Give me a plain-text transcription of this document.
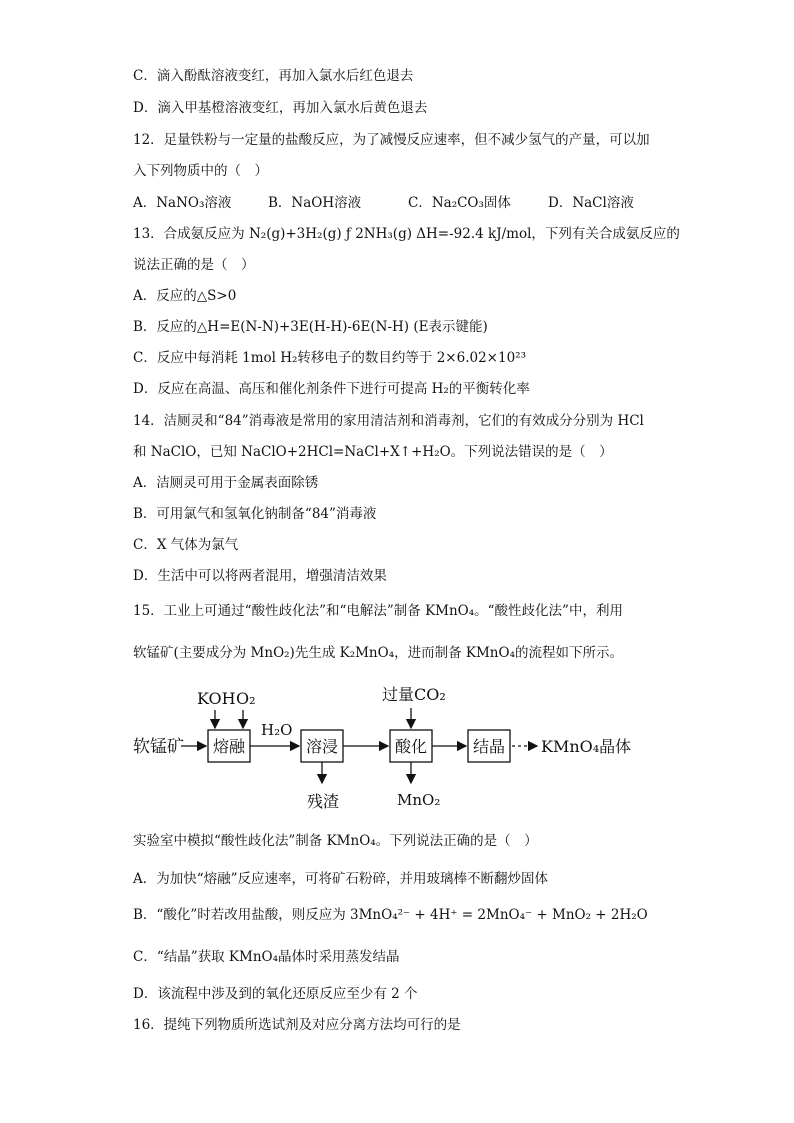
C．滴入酚酞溶液变红，再加入氯水后红色退去
D．滴入甲基橙溶液变红，再加入氯水后黄色退去
12．足量铁粉与一定量的盐酸反应，为了减慢反应速率，但不减少氢气的产量，可以加
入下列物质中的（　）
A．NaNO₃溶液	B．NaOH溶液	C．Na₂CO₃固体	D．NaCl溶液
13．合成氨反应为 N₂(g)+3H₂(g) ƒ 2NH₃(g) ΔH=-92.4 kJ/mol，下列有关合成氨反应的
说法正确的是（　）
A．反应的△S>0
B．反应的△H=E(N-N)+3E(H-H)-6E(N-H) (E表示键能)
C．反应中每消耗 1mol H₂转移电子的数目约等于 2×6.02×10²³
D．反应在高温、高压和催化剂条件下进行可提高 H₂的平衡转化率
14．洁厕灵和“84”消毒液是常用的家用清洁剂和消毒剂，它们的有效成分分别为 HCl
和 NaClO，已知 NaClO+2HCl=NaCl+X↑+H₂O。下列说法错误的是（　）
A．洁厕灵可用于金属表面除锈
B．可用氯气和氢氧化钠制备“84”消毒液
C．X 气体为氯气
D．生活中可以将两者混用，增强清洁效果
15．工业上可通过“酸性歧化法”和“电解法”制备 KMnO₄。“酸性歧化法”中，利用
软锰矿(主要成分为 MnO₂)先生成 K₂MnO₄，进而制备 KMnO₄的流程如下所示。
软锰矿
KOH O₂
熔融
H₂O
溶浸
残渣
过量CO₂
酸化
MnO₂
结晶 KMnO₄晶体
实验室中模拟“酸性歧化法”制备 KMnO₄。下列说法正确的是（　）
A．为加快“熔融”反应速率，可将矿石粉碎，并用玻璃棒不断翻炒固体
B．“酸化”时若改用盐酸，则反应为 3MnO₄²⁻ + 4H⁺ = 2MnO₄⁻ + MnO₂ + 2H₂O
C．“结晶”获取 KMnO₄晶体时采用蒸发结晶
D．该流程中涉及到的氧化还原反应至少有 2 个
16．提纯下列物质所选试剂及对应分离方法均可行的是
